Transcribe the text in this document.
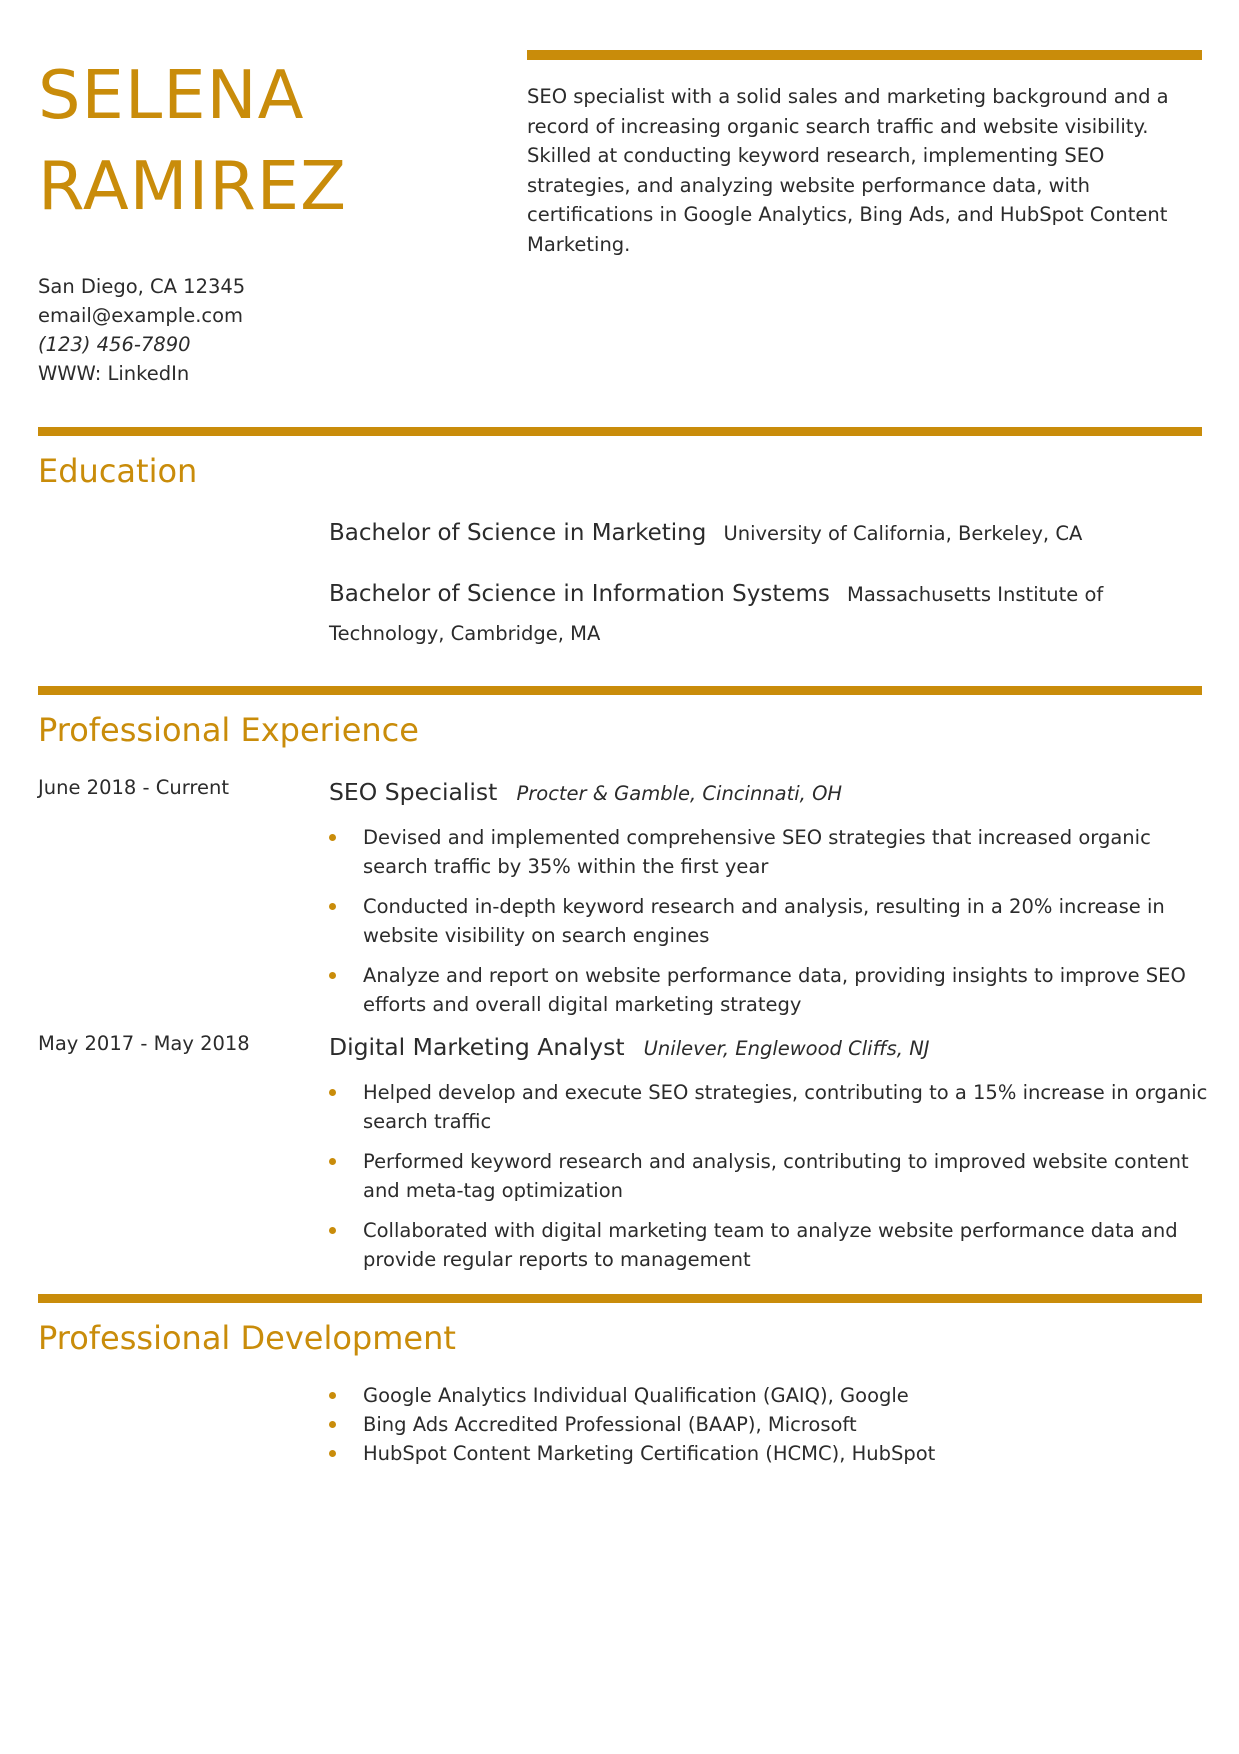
SELENA
RAMIREZ
SEO specialist with a solid sales and marketing background and a record of increasing organic search traffic and website visibility. Skilled at conducting keyword research, implementing SEO strategies, and analyzing website performance data, with certifications in Google Analytics, Bing Ads, and HubSpot Content Marketing.
San Diego, CA 12345
email@example.com
(123) 456-7890
WWW: LinkedIn
Education
Bachelor of Science in Marketing University of California, Berkeley, CA
Bachelor of Science in Information Systems Massachusetts Institute of Technology, Cambridge, MA
Professional Experience
June 2018 - Current	SEO Specialist Procter & Gamble, Cincinnati, OH
Devised and implemented comprehensive SEO strategies that increased organic search traffic by 35% within the first year
Conducted in-depth keyword research and analysis, resulting in a 20% increase in website visibility on search engines
Analyze and report on website performance data, providing insights to improve SEO efforts and overall digital marketing strategy
May 2017 - May 2018	Digital Marketing Analyst Unilever, Englewood Cliffs, NJ
Helped develop and execute SEO strategies, contributing to a 15% increase in organic search traffic
Performed keyword research and analysis, contributing to improved website content and meta-tag optimization
Collaborated with digital marketing team to analyze website performance data and provide regular reports to management
Professional Development
Google Analytics Individual Qualification (GAIQ), Google
Bing Ads Accredited Professional (BAAP), Microsoft
HubSpot Content Marketing Certification (HCMC), HubSpot
